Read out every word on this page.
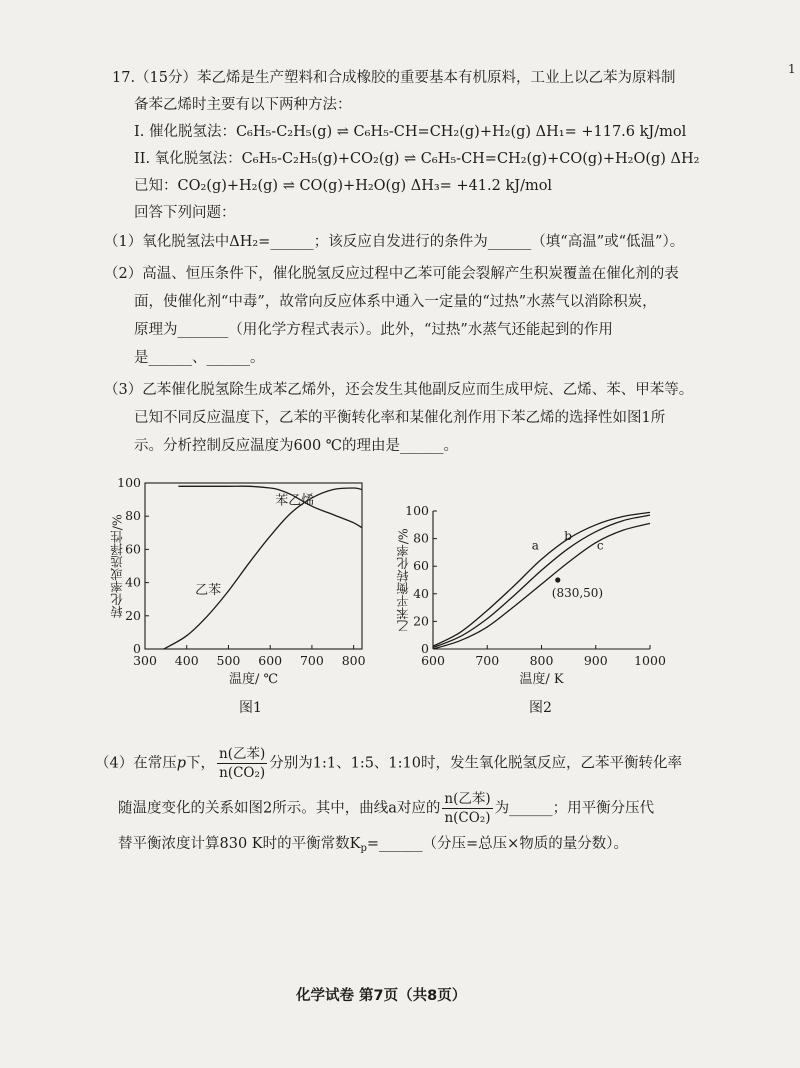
1
17.（15分）苯乙烯是生产塑料和合成橡胶的重要基本有机原料，工业上以乙苯为原料制
备苯乙烯时主要有以下两种方法：
I. 催化脱氢法：C₆H₅-C₂H₅(g) ⇌ C₆H₅-CH=CH₂(g)+H₂(g) ΔH₁= +117.6 kJ/mol
II. 氧化脱氢法：C₆H₅-C₂H₅(g)+CO₂(g) ⇌ C₆H₅-CH=CH₂(g)+CO(g)+H₂O(g) ΔH₂
已知：CO₂(g)+H₂(g) ⇌ CO(g)+H₂O(g) ΔH₃= +41.2 kJ/mol
回答下列问题：
（1）氧化脱氢法中ΔH₂=______；该反应自发进行的条件为______（填“高温”或“低温”）。
（2）高温、恒压条件下，催化脱氢反应过程中乙苯可能会裂解产生积炭覆盖在催化剂的表
面，使催化剂“中毒”，故常向反应体系中通入一定量的“过热”水蒸气以消除积炭，
原理为_______（用化学方程式表示）。此外，“过热”水蒸气还能起到的作用
是______、______。
（3）乙苯催化脱氢除生成苯乙烯外，还会发生其他副反应而生成甲烷、乙烯、苯、甲苯等。
已知不同反应温度下，乙苯的平衡转化率和某催化剂作用下苯乙烯的选择性如图1所
示。分析控制反应温度为600 ℃的理由是______。
300 400 500 600 700 800
0
20
40
60
80
100
苯乙烯
乙苯
温度/ ℃
转化率或选择性/%
图1
600 700 800 900 1000
0
20
40
60
80
100
a
b
c
温度/ K
乙苯平衡转化率/%	(830,50)
图2
（4）在常压p下， $\frac{\text{n(乙苯)}}{\text{n(CO₂)}}$ 分别为1:1、1:5、1:10时，发生氧化脱氢反应，乙苯平衡转化率
随温度变化的关系如图2所示。其中，曲线a对应的 $\frac{\text{n(乙苯)}}{\text{n(CO₂)}}$ 为______；用平衡分压代
替平衡浓度计算830 K时的平衡常数$K_p=\_\_\_\_\_\_$（分压=总压×物质的量分数）。
化学试卷 第7页（共8页）
